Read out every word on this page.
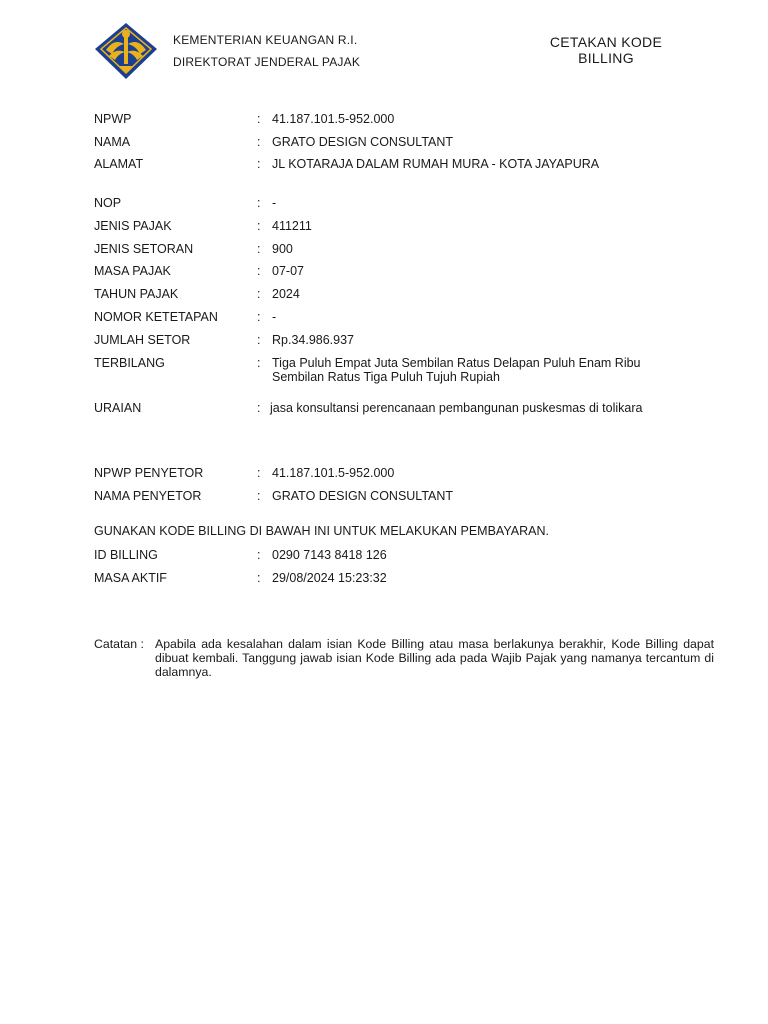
KEMENTERIAN KEUANGAN R.I.
DIREKTORAT JENDERAL PAJAK
CETAKAN KODE
BILLING
NPWP	: 41.187.101.5-952.000
NAMA	: GRATO DESIGN CONSULTANT
ALAMAT	: JL KOTARAJA DALAM RUMAH MURA - KOTA JAYAPURA
NOP	: -
JENIS PAJAK	: 411211
JENIS SETORAN	: 900
MASA PAJAK	: 07-07
TAHUN PAJAK	: 2024
NOMOR KETETAPAN	: -
JUMLAH SETOR	: Rp.34.986.937
TERBILANG	: Tiga Puluh Empat Juta Sembilan Ratus Delapan Puluh Enam Ribu Sembilan Ratus Tiga Puluh Tujuh Rupiah
URAIAN	: jasa konsultansi perencanaan pembangunan puskesmas di tolikara
NPWP PENYETOR	: 41.187.101.5-952.000
NAMA PENYETOR	: GRATO DESIGN CONSULTANT
GUNAKAN KODE BILLING DI BAWAH INI UNTUK MELAKUKAN PEMBAYARAN.
ID BILLING	: 0290 7143 8418 126
MASA AKTIF	: 29/08/2024 15:23:32
Catatan : Apabila ada kesalahan dalam isian Kode Billing atau masa berlakunya berakhir, Kode Billing dapat dibuat kembali. Tanggung jawab isian Kode Billing ada pada Wajib Pajak yang namanya tercantum di dalamnya.
